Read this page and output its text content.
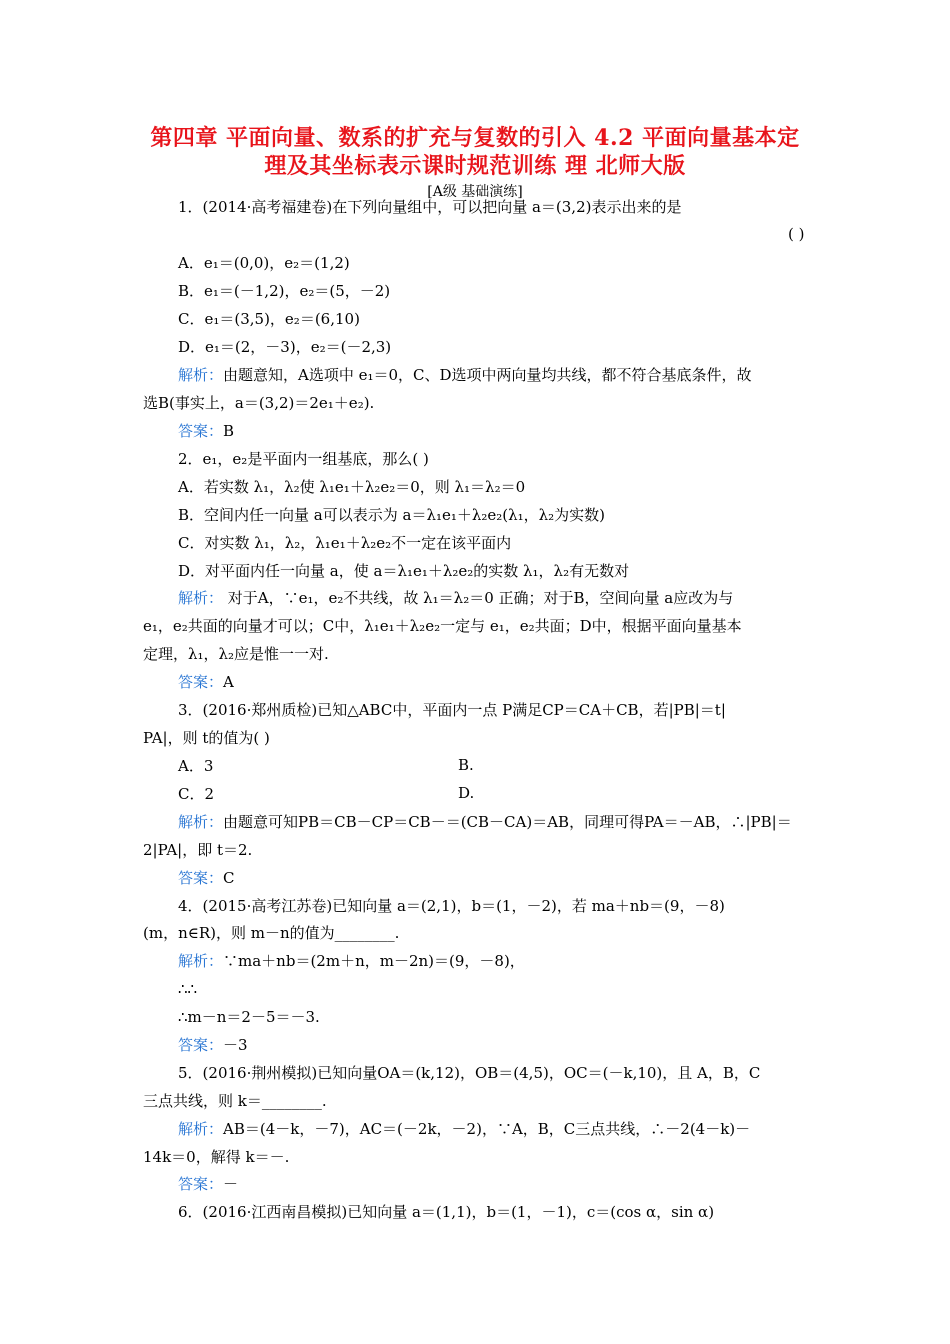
第四章 平面向量、数系的扩充与复数的引入 4.2 平面向量基本定
理及其坐标表示课时规范训练 理 北师大版
[A级 基础演练]
1．(2014·高考福建卷)在下列向量组中，可以把向量 a＝(3,2)表示出来的是
( )
A．e₁＝(0,0)，e₂＝(1,2)
B．e₁＝(－1,2)，e₂＝(5，－2)
C．e₁＝(3,5)，e₂＝(6,10)
D．e₁＝(2，－3)，e₂＝(－2,3)
解析：由题意知，A选项中 e₁＝0，C、D选项中两向量均共线，都不符合基底条件，故
选B(事实上，a＝(3,2)＝2e₁＋e₂).
答案：B
2．e₁，e₂是平面内一组基底，那么( )
A．若实数 λ₁，λ₂使 λ₁e₁＋λ₂e₂＝0，则 λ₁＝λ₂＝0
B．空间内任一向量 a可以表示为 a＝λ₁e₁＋λ₂e₂(λ₁，λ₂为实数)
C．对实数 λ₁，λ₂，λ₁e₁＋λ₂e₂不一定在该平面内
D．对平面内任一向量 a，使 a＝λ₁e₁＋λ₂e₂的实数 λ₁，λ₂有无数对
解析： 对于A，∵e₁，e₂不共线，故 λ₁＝λ₂＝0 正确；对于B，空间向量 a应改为与
e₁，e₂共面的向量才可以；C中，λ₁e₁＋λ₂e₂一定与 e₁，e₂共面；D中，根据平面向量基本
定理，λ₁，λ₂应是惟一一对.
答案：A
3．(2016·郑州质检)已知△ABC中，平面内一点 P满足CP＝CA＋CB，若|PB|＝t|
PA|，则 t的值为( )
A．3	B.
C．2	D.
解析：由题意可知PB＝CB－CP＝CB－＝(CB－CA)＝AB，同理可得PA＝－AB，∴|PB|＝
2|PA|，即 t＝2.
答案：C
4．(2015·高考江苏卷)已知向量 a＝(2,1)，b＝(1，－2)，若 ma＋nb＝(9，－8)
(m，n∈R)，则 m－n的值为________.
解析：∵ma＋nb＝(2m＋n，m－2n)＝(9，－8)，
∴∴
∴m－n＝2－5＝－3.
答案：－3
5．(2016·荆州模拟)已知向量OA＝(k,12)，OB＝(4,5)，OC＝(－k,10)，且 A，B，C
三点共线，则 k＝________.
解析：AB＝(4－k，－7)，AC＝(－2k，－2)，∵A，B，C三点共线，∴－2(4－k)－
14k＝0，解得 k＝－.
答案：－
6．(2016·江西南昌模拟)已知向量 a＝(1,1)，b＝(1，－1)，c＝(cos α，sin α)
